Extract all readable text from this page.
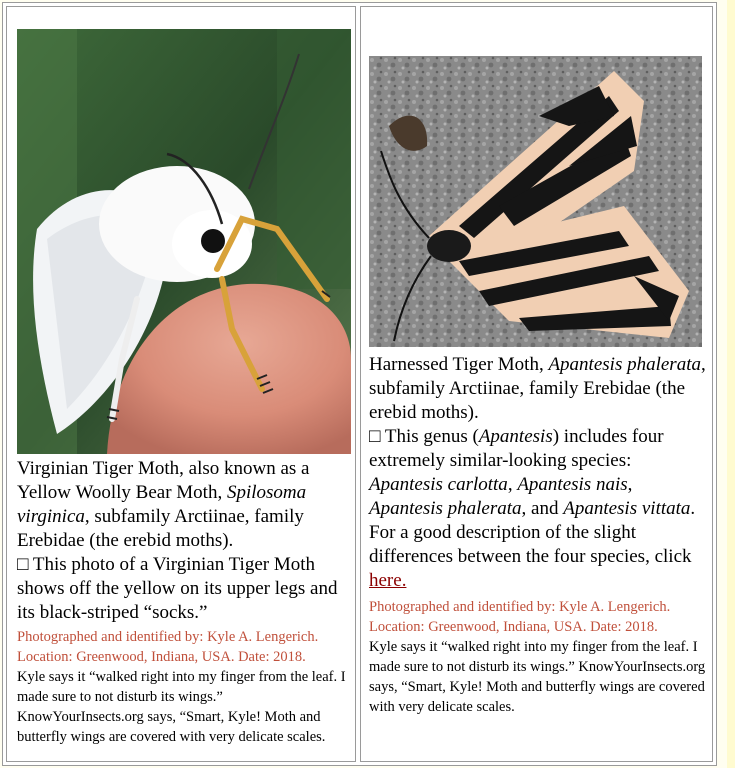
Virginian Tiger Moth, also known as a Yellow Woolly Bear Moth, Spilosoma virginica, subfamily Arctiinae, family Erebidae (the erebid moths).
□ This photo of a Virginian Tiger Moth shows off the yellow on its upper legs and its black-striped “socks.”
Photographed and identified by: Kyle A. Lengerich. Location: Greenwood, Indiana, USA. Date: 2018.
Kyle says it “walked right into my finger from the leaf. I made sure to not disturb its wings.” KnowYourInsects.org says, “Smart, Kyle! Moth and butterfly wings are covered with very delicate scales.
Harnessed Tiger Moth, Apantesis phalerata, subfamily Arctiinae, family Erebidae (the erebid moths).
□ This genus (Apantesis) includes four extremely similar-looking species: Apantesis carlotta, Apantesis nais, Apantesis phalerata, and Apantesis vittata. For a good description of the slight differences between the four species, click here.
Photographed and identified by: Kyle A. Lengerich. Location: Greenwood, Indiana, USA. Date: 2018.
Kyle says it “walked right into my finger from the leaf. I made sure to not disturb its wings.” KnowYourInsects.org says, “Smart, Kyle! Moth and butterfly wings are covered with very delicate scales.
